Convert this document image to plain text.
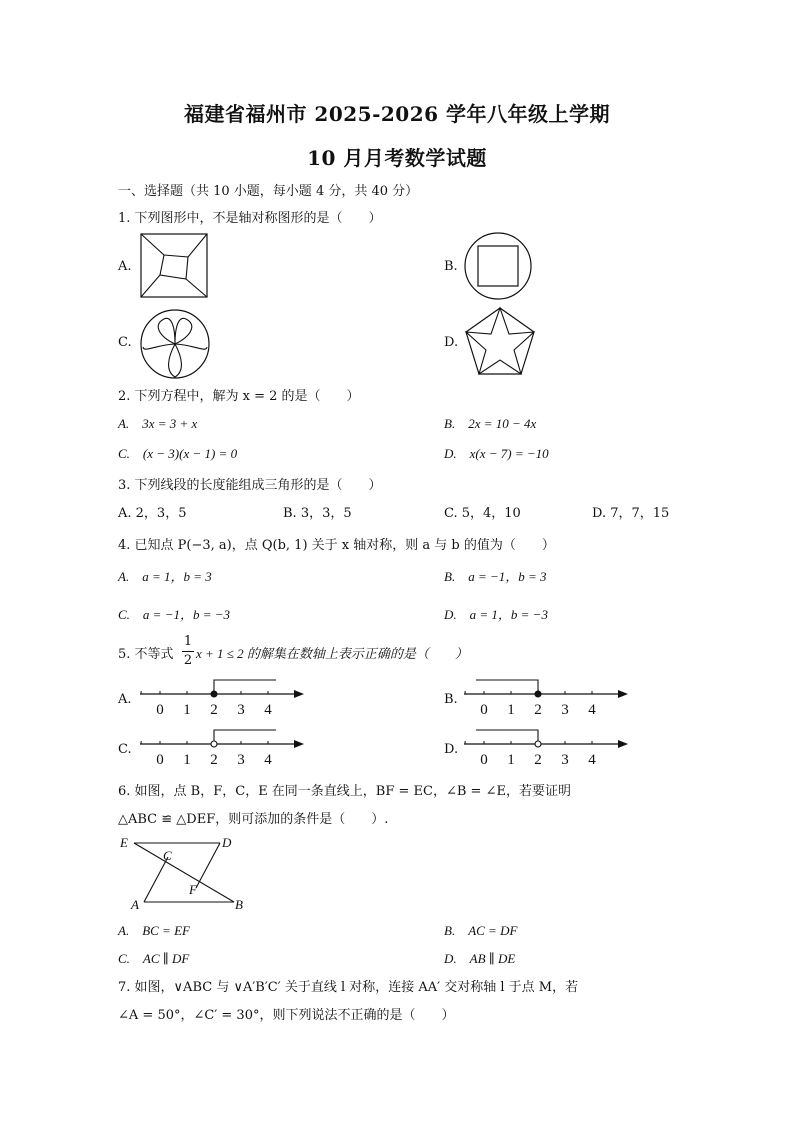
福建省福州市 2025-2026 学年八年级上学期
10 月月考数学试题
一、选择题（共 10 小题，每小题 4 分，共 40 分）
1. 下列图形中，不是轴对称图形的是（　　）
A.	B.
C.	D.
2. 下列方程中，解为 x = 2 的是（　　）
A.　3x = 3 + x	B.　2x = 10 − 4x
C.　(x − 3)(x − 1) = 0	D.　x(x − 7) = −10
3. 下列线段的长度能组成三角形的是（　　）
A. 2，3，5	B. 3，3，5	C. 5，4，10	D. 7，7，15
4. 已知点 P(−3, a)，点 Q(b, 1) 关于 x 轴对称，则 a 与 b 的值为（　　）
A.　a = 1，b = 3	B.　a = −1，b = 3
C.　a = −1，b = −3	D.　a = 1，b = −3
5. 不等式
1
2 x + 1 ≤ 2 的解集在数轴上表示正确的是（　　）
A.	B.
C.	D.
0 1 2 3 4	0 1 2 3 4
0 1 2 3 4	0 1 2 3 4
6. 如图，点 B，F，C，E 在同一条直线上，BF = EC，∠B = ∠E，若要证明
△ABC ≌ △DEF，则可添加的条件是（　　）.
E	D
C
F
A	B
A.　BC = EF	B.　AC = DF
C.　AC ∥ DF	D.　AB ∥ DE
7. 如图，∨ABC 与 ∨A′B′C′ 关于直线 l 对称，连接 AA′ 交对称轴 l 于点 M，若
∠A = 50°，∠C′ = 30°，则下列说法不正确的是（　　）
